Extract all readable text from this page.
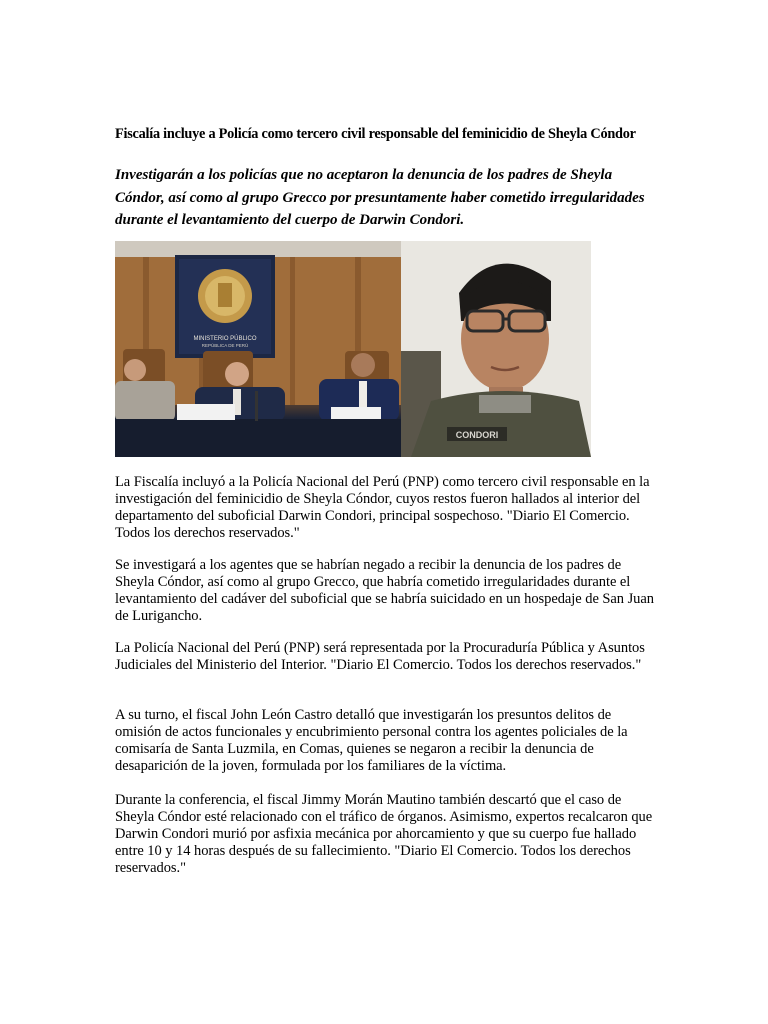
Fiscalía incluye a Policía como tercero civil responsable del feminicidio de Sheyla Cóndor
Investigarán a los policías que no aceptaron la denuncia de los padres de Sheyla Cóndor, así como al grupo Grecco por presuntamente haber cometido irregularidades durante el levantamiento del cuerpo de Darwin Condori.
MINISTERIO PÚBLICO
REPÚBLICA DE PERÚ
CONDORI
La Fiscalía incluyó a la Policía Nacional del Perú (PNP) como tercero civil responsable en la investigación del feminicidio de Sheyla Cóndor, cuyos restos fueron hallados al interior del departamento del suboficial Darwin Condori, principal sospechoso. "Diario El Comercio. Todos los derechos reservados."
Se investigará a los agentes que se habrían negado a recibir la denuncia de los padres de Sheyla Cóndor, así como al grupo Grecco, que habría cometido irregularidades durante el levantamiento del cadáver del suboficial que se habría suicidado en un hospedaje de San Juan de Lurigancho.
La Policía Nacional del Perú (PNP) será representada por la Procuraduría Pública y Asuntos Judiciales del Ministerio del Interior. "Diario El Comercio. Todos los derechos reservados."
A su turno, el fiscal John León Castro detalló que investigarán los presuntos delitos de omisión de actos funcionales y encubrimiento personal contra los agentes policiales de la comisaría de Santa Luzmila, en Comas, quienes se negaron a recibir la denuncia de desaparición de la joven, formulada por los familiares de la víctima.
Durante la conferencia, el fiscal Jimmy Morán Mautino también descartó que el caso de Sheyla Cóndor esté relacionado con el tráfico de órganos. Asimismo, expertos recalcaron que Darwin Condori murió por asfixia mecánica por ahorcamiento y que su cuerpo fue hallado entre 10 y 14 horas después de su fallecimiento. "Diario El Comercio. Todos los derechos reservados."
